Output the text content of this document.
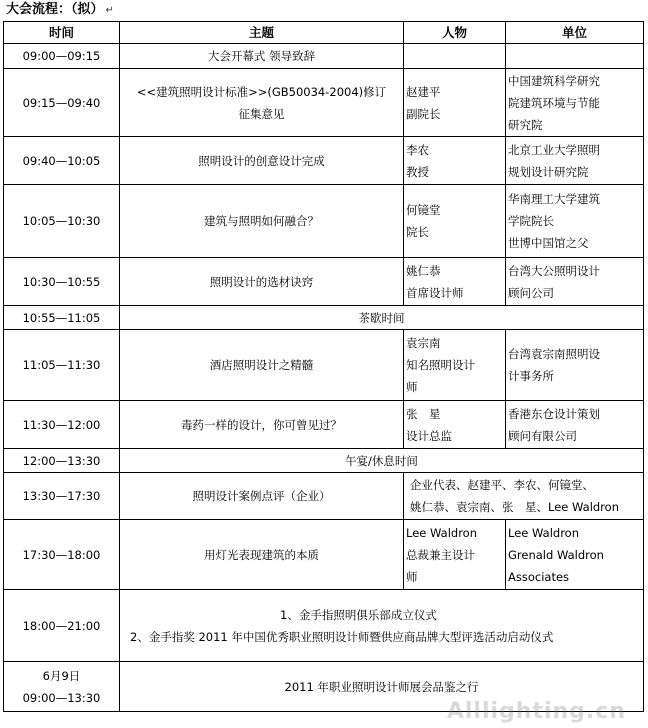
大会流程：（拟） ↵
时间	主题	人物	单位

09:00—09:15	大会开幕式 领导致辞		

09:15—09:40	<<建筑照明设计标准>>(GB50034-2004)修订
征集意见	赵建平
副院长	中国建筑科学研究
院建筑环境与节能
研究院

09:40—10:05	照明设计的创意设计完成	李农
教授	北京工业大学照明
规划设计研究院

10:05—10:30	建筑与照明如何融合？	何镜堂
院长	华南理工大学建筑
学院院长
世博中国馆之父

10:30—10:55	照明设计的选材诀窍	姚仁恭
首席设计师	台湾大公照明设计
顾问公司

10:55—11:05	茶歇时间		

11:05—11:30	酒店照明设计之精髓	袁宗南
知名照明设计
师	台湾袁宗南照明设
计事务所

11:30—12:00	毒药一样的设计，你可曾见过？	张　星
设计总监	香港东仓设计策划
顾问有限公司

12:00—13:30	午宴/休息时间		

13:30—17:30	照明设计案例点评（企业）	企业代表、赵建平、李农、何镜堂、
姚仁恭、袁宗南、张　星、Lee Waldron	

17:30—18:00	用灯光表现建筑的本质	Lee Waldron
总裁兼主设计
师	Lee Waldron
Grenald Waldron
Associates

18:00—21:00	1、金手指照明俱乐部成立仪式
2、金手指奖 2011 年中国优秀职业照明设计师暨供应商品牌大型评选活动启动仪式		

6月9日
09:00—13:30	2011 年职业照明设计师展会品鉴之行		
Alllighting.cn
